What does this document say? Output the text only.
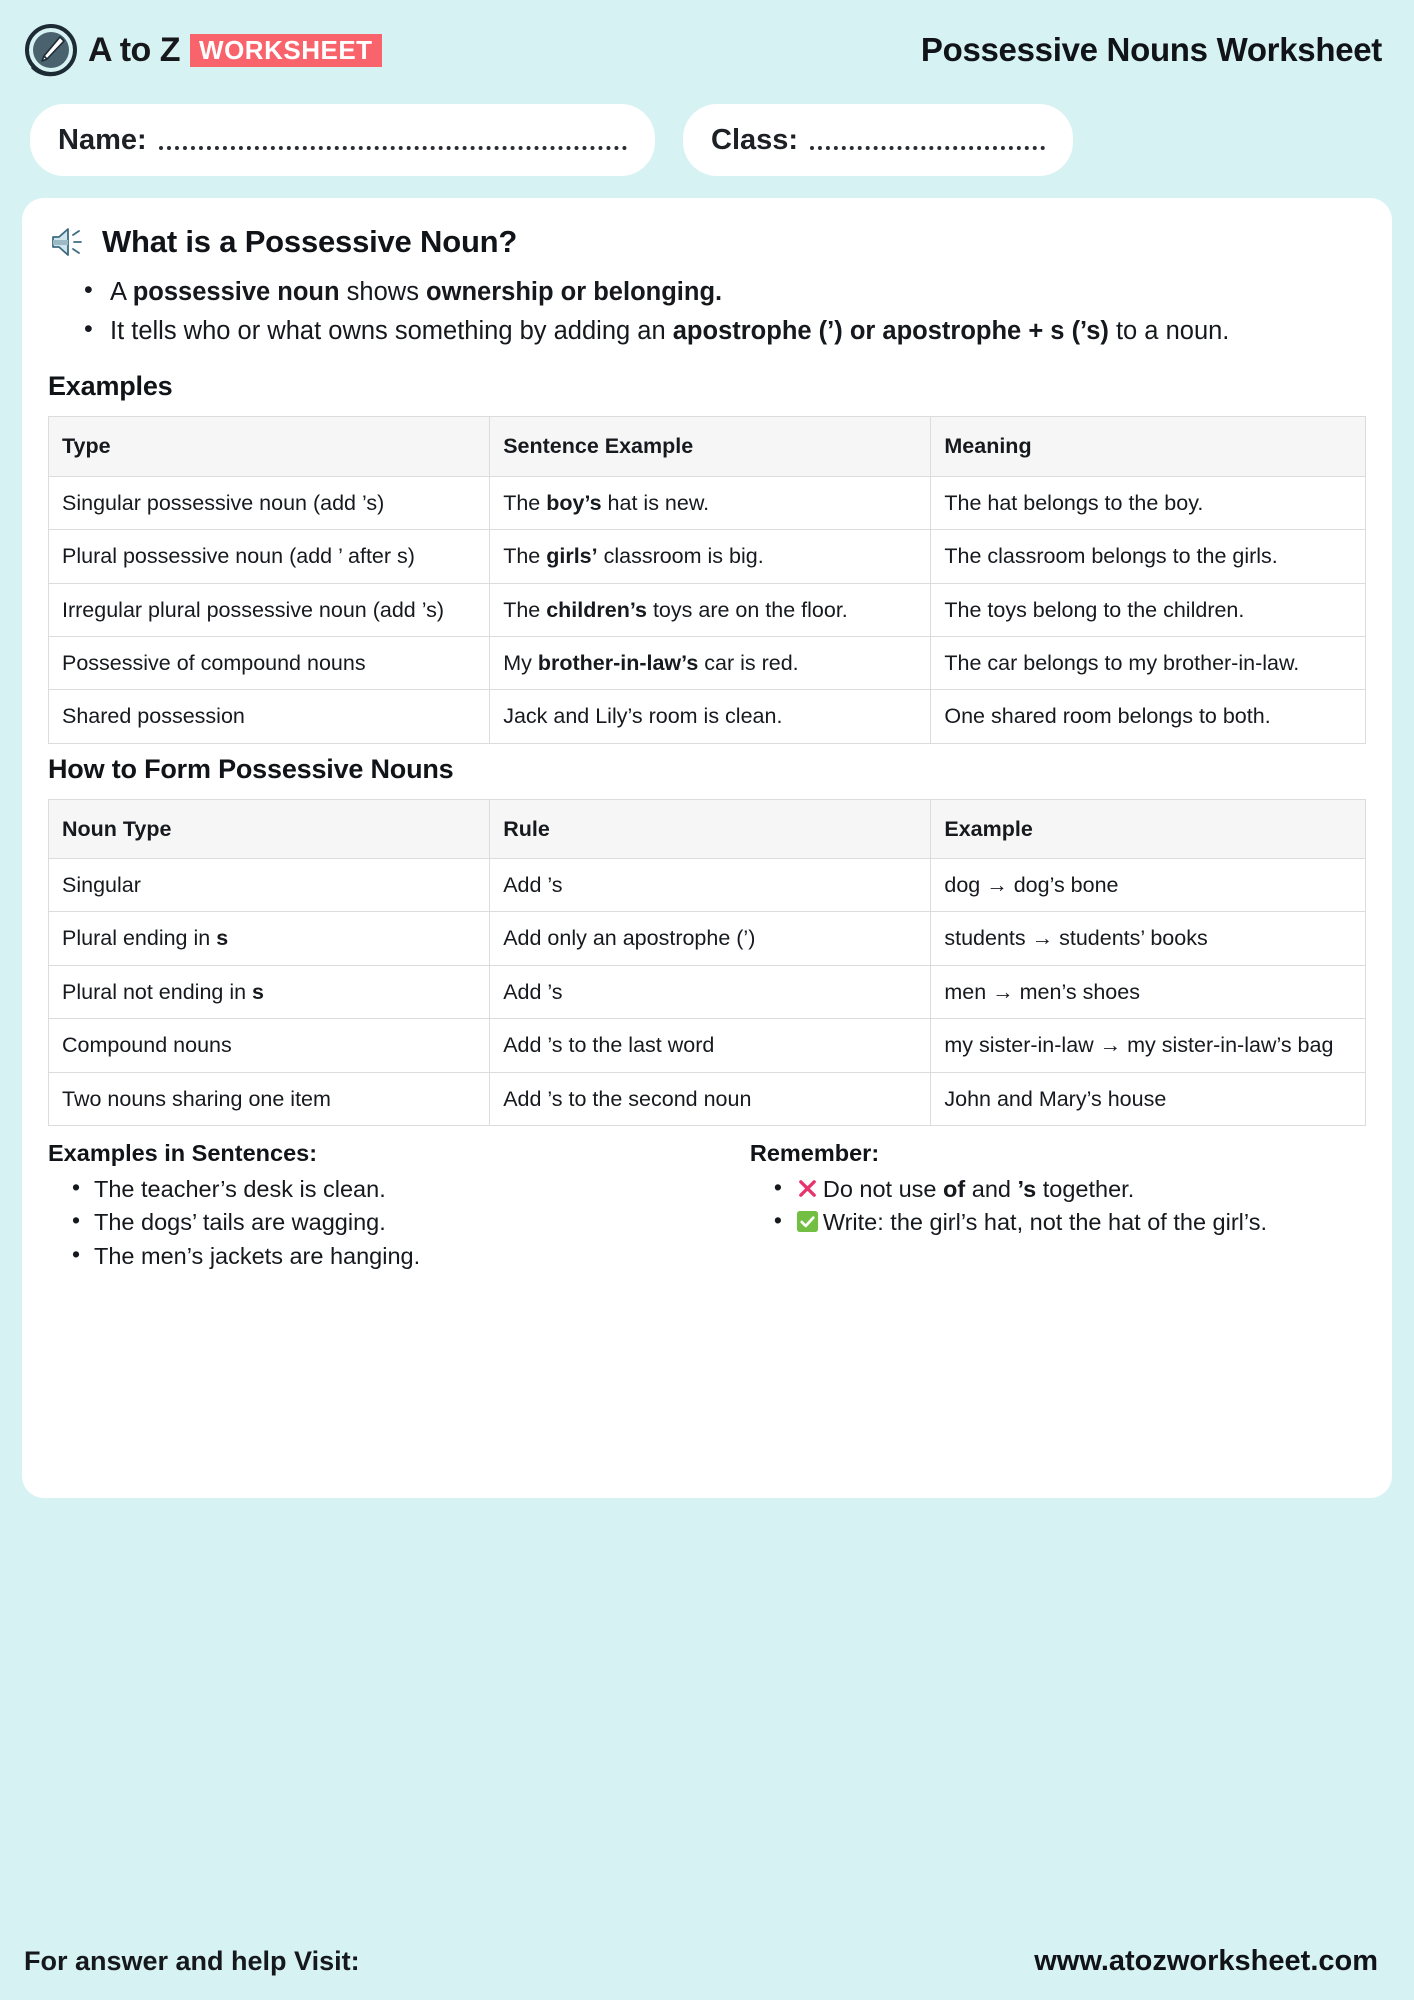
A to Z WORKSHEET	Possessive Nouns Worksheet
Name:	Class:
What is a Possessive Noun?
• A possessive noun shows ownership or belonging.
• It tells who or what owns something by adding an apostrophe (’) or apostrophe + s (’s) to a noun.
Examples
Type	Sentence Example	Meaning
Singular possessive noun (add ’s)	The boy’s hat is new.	The hat belongs to the boy.
Plural possessive noun (add ’ after s)	The girls’ classroom is big.	The classroom belongs to the girls.
Irregular plural possessive noun (add ’s)	The children’s toys are on the floor.	The toys belong to the children.
Possessive of compound nouns	My brother-in-law’s car is red.	The car belongs to my brother-in-law.
Shared possession	Jack and Lily’s room is clean.	One shared room belongs to both.
How to Form Possessive Nouns
Noun Type	Rule	Example
Singular	Add ’s	dog → dog’s bone
Plural ending in s	Add only an apostrophe (’)	students → students’ books
Plural not ending in s	Add ’s	men → men’s shoes
Compound nouns	Add ’s to the last word	my sister-in-law → my sister-in-law’s bag
Two nouns sharing one item	Add ’s to the second noun	John and Mary’s house
Examples in Sentences:
• The teacher’s desk is clean.
• The dogs’ tails are wagging.
• The men’s jackets are hanging.
Remember:
• Do not use of and ’s together.
• Write: the girl’s hat, not the hat of the girl’s.
For answer and help Visit:	www.atozworksheet.com
